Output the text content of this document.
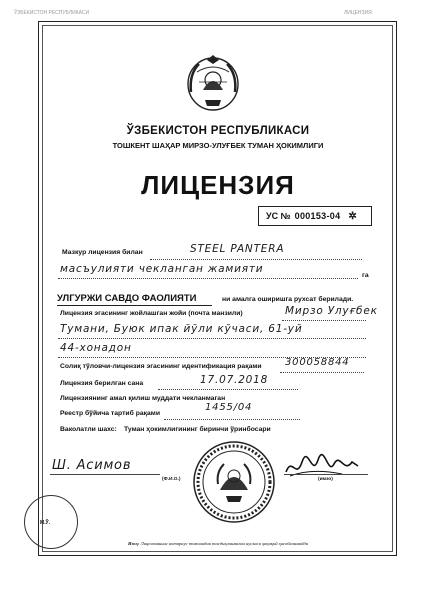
ЎЗБЕКИСТОН РЕСПУБЛИКАСИ	ЛИЦЕНЗИЯ
ЎЗБЕКИСТОН РЕСПУБЛИКАСИ
ТОШКЕНТ ШАҲАР МИРЗО-УЛУҒБЕК ТУМАН ҲОКИМЛИГИ
ЛИЦЕНЗИЯ
УС № 000153-04 ✲
Мазкур лицензия билан	STEEL PANTERA
масъулияти чекланган жамияти
га
УЛГУРЖИ САВДО ФАОЛИЯТИ	ни амалга оширишга рухсат берилади.
Лицензия эгасининг жойлашган жойи (почта манзили)	Мирзо Улуғбек
Тумани, Буюк ипак йўли кўчаси, 61-уй
44-хонадон
Солиқ тўловчи-лицензия эгасининг идентификация рақами 300058844
Лицензия берилган сана	17.07.2018
Лицензиянинг амал қилиш муддати чекланмаган
Реестр бўйича тартиб рақами
1455/04
Ваколатли шахс: Туман ҳокимлигининг биринчи ўринбосари
Ш. Асимов
(Ф.И.О.)	(имзо)
М.Ў.
Изоҳ: Лицензиянинг нотариус томонидан тасдиқланмаган нусхаси ҳақиқий ҳисобланмайди
